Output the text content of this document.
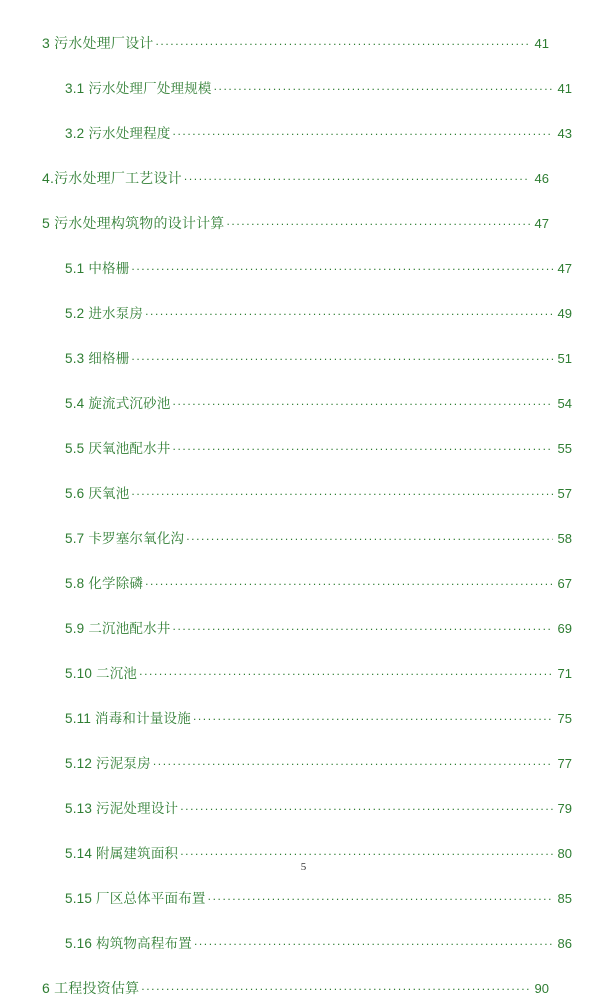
3 污水处理厂设计 .....	41
3.1 污水处理厂处理规模 .....	41
3.2 污水处理程度 .....	43
4.污水处理厂工艺设计 .....	46
5 污水处理构筑物的设计计算 .....	47
5.1 中格栅 .....	47
5.2 进水泵房 .....	49
5.3 细格栅 .....	51
5.4 旋流式沉砂池 .....	54
5.5 厌氧池配水井 .....	55
5.6 厌氧池 .....	57
5.7 卡罗塞尔氧化沟 .....	58
5.8 化学除磷 .....	67
5.9 二沉池配水井 .....	69
5.10 二沉池 .....	71
5.11 消毒和计量设施 .....	75
5.12 污泥泵房 .....	77
5.13 污泥处理设计 .....	79
5.14 附属建筑面积 .....	80
5.15 厂区总体平面布置 .....	85
5.16 构筑物高程布置 .....	86
6 工程投资估算 .....	90
5
